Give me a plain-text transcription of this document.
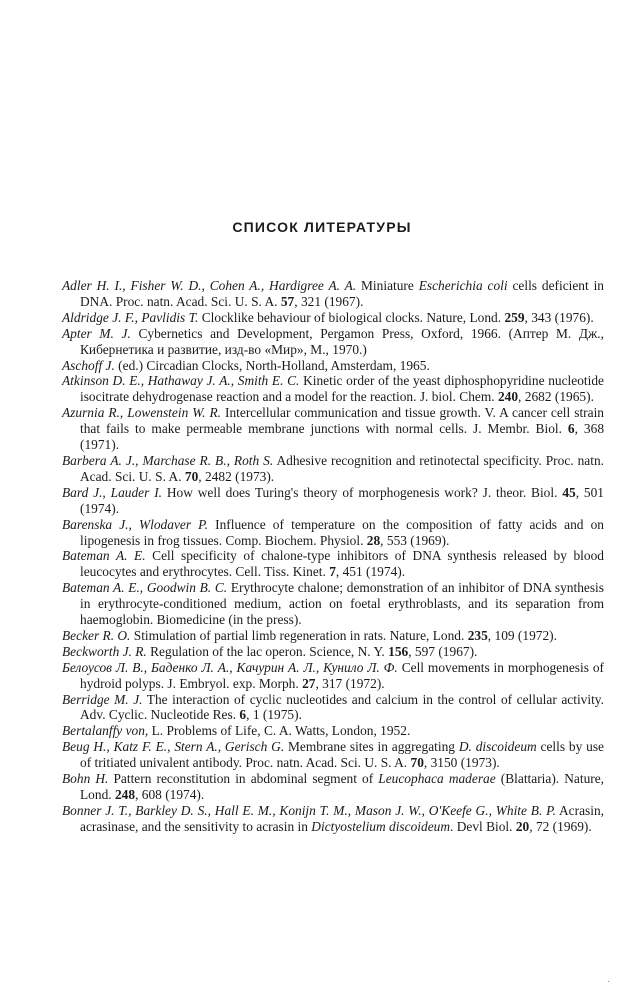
СПИСОК ЛИТЕРАТУРЫ

Adler H. I., Fisher W. D., Cohen A., Hardigree A. A. Miniature Escherichia coli cells deficient in DNA. Proc. natn. Acad. Sci. U. S. A. 57, 321 (1967).

Aldridge J. F., Pavlidis T. Clocklike behaviour of biological clocks. Nature, Lond. 259, 343 (1976).

Apter M. J. Cybernetics and Development, Pergamon Press, Oxford, 1966. (Аптер М. Дж., Кибернетика и развитие, изд-во «Мир», М., 1970.)

Aschoff J. (ed.) Circadian Clocks, North-Holland, Amsterdam, 1965.

Atkinson D. E., Hathaway J. A., Smith E. C. Kinetic order of the yeast diphosphopyridine nucleotide isocitrate dehydrogenase reaction and a model for the reaction. J. biol. Chem. 240, 2682 (1965).

Azurnia R., Lowenstein W. R. Intercellular communication and tissue growth. V. A cancer cell strain that fails to make permeable membrane junctions with normal cells. J. Membr. Biol. 6, 368 (1971).

Barbera A. J., Marchase R. B., Roth S. Adhesive recognition and retinotectal specificity. Proc. natn. Acad. Sci. U. S. A. 70, 2482 (1973).

Bard J., Lauder I. How well does Turing's theory of morphogenesis work? J. theor. Biol. 45, 501 (1974).

Barenska J., Wlodaver P. Influence of temperature on the composition of fatty acids and on lipogenesis in frog tissues. Comp. Biochem. Physiol. 28, 553 (1969).

Bateman A. E. Cell specificity of chalone-type inhibitors of DNA synthesis released by blood leucocytes and erythrocytes. Cell. Tiss. Kinet. 7, 451 (1974).

Bateman A. E., Goodwin B. C. Erythrocyte chalone; demonstration of an inhibitor of DNA synthesis in erythrocyte-conditioned medium, action on foetal erythroblasts, and its separation from haemoglobin. Biomedicine (in the press).

Becker R. O. Stimulation of partial limb regeneration in rats. Nature, Lond. 235, 109 (1972).

Beckworth J. R. Regulation of the lac operon. Science, N. Y. 156, 597 (1967).

Белоусов Л. В., Баденко Л. А., Качурин А. Л., Кунило Л. Ф. Cell movements in morphogenesis of hydroid polyps. J. Embryol. exp. Morph. 27, 317 (1972).

Berridge M. J. The interaction of cyclic nucleotides and calcium in the control of cellular activity. Adv. Cyclic. Nucleotide Res. 6, 1 (1975).

Bertalanffy von, L. Problems of Life, C. A. Watts, London, 1952.

Beug H., Katz F. E., Stern A., Gerisch G. Membrane sites in aggregating D. discoideum cells by use of tritiated univalent antibody. Proc. natn. Acad. Sci. U. S. A. 70, 3150 (1973).

Bohn H. Pattern reconstitution in abdominal segment of Leucophaca maderae (Blattaria). Nature, Lond. 248, 608 (1974).

Bonner J. T., Barkley D. S., Hall E. M., Konijn T. M., Mason J. W., O'Keefe G., White B. P. Acrasin, acrasinase, and the sensitivity to acrasin in Dictyostelium discoideum. Devl Biol. 20, 72 (1969).

.
